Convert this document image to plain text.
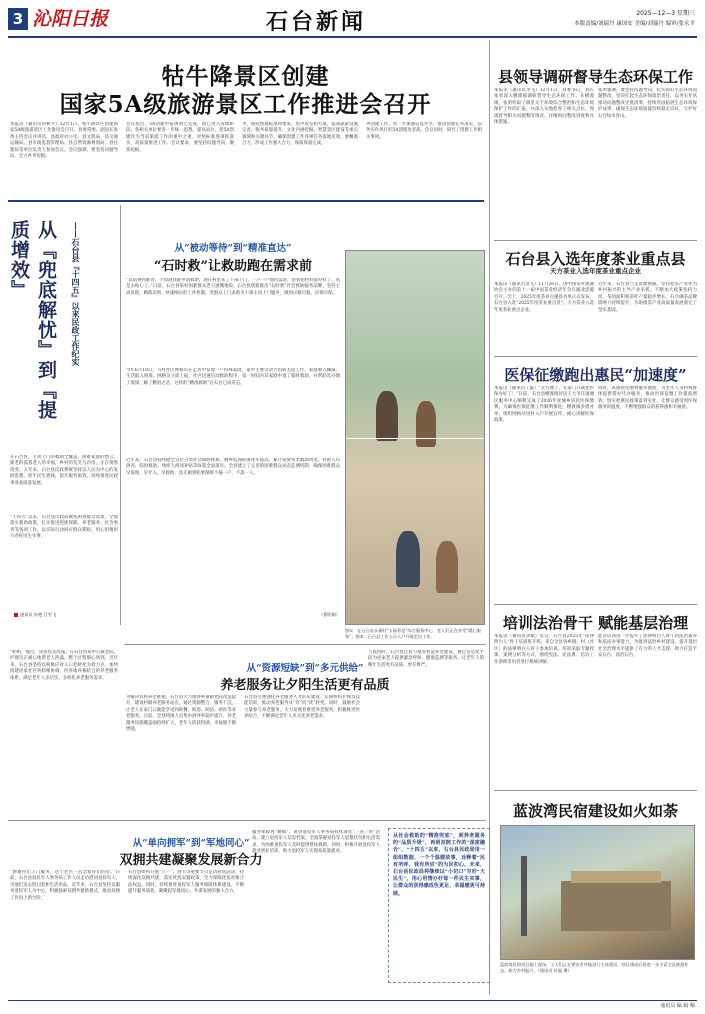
3 沁阳日报	石台新闻	2025—12—3 星期三
本版责编/刘瑞丹 康国安 美编/刘瑞丹 编审/张永平
牯牛降景区创建
国家5A级旅游景区工作推进会召开
本报讯（通讯员余秋平）12月1日，牯牛降景区创建国家5A级旅游景区工作推进会召开。县委常委、副县长张秀主持会议并讲话。县政府办公室、县文旅局、县交通运输局、县市场监督管理局、县自然资源规划局、县住建局等单位负责人参加会议。会议强调，要坚持问题导向，全力补齐短板。
会议指出，5A创建申报规划已完成，现已进入省级阶段。各相关单位要进一步统一思想、提高站位，把5A创建作为当前旅游工作的重中之重，对照标准逐项抓落实，高质量推进工作。会议要求，要坚持问题导向，聚焦短板。
务，围绕创建标准和要求，集中攻坚和力量，提质旅游设施完善，服务质量提升，文化内涵挖掘，智慧景区建设等重点领域和关键环节，确保创建工作各项任务落地见效，要精准合力，形成工作强大合力，保质保量完成。
务创建工作，进一步加强信息共享，推进创建任务落实，以务实作风打好5A创建攻坚战。会议同时，研究了创建工作相关事项。
从『兜底解忧』到『提质增效』	——石台县『十四五』以来民政工作纪实
在石台县，主动上门的救助全覆盖，困难家庭的愁云，渐老的孤寡老人的幸福，乡村的荒芜与冷清，正在悄然改变。五年来，石台县民政系统坚持以人民为中心的发展思想，兜牢民生底线，提升服务质效，持续推进民政事业高质量发展。
“十四五”以来，石台县民政局聚焦困难群众需求，全面落实救助政策，扎实推进兜底保障、养老服务、社会事务等各项工作，以实际行动回应群众期盼，用心用情用力办好民生实事。
通讯员 孙艳 江雪飞
从“被动等待”到“精准直达”
“石时救”让救助跑在需求前
“以前遇到难处，不知道找谁申请救助，现在村里来了干部上门，一户一户地问需求，帮我把材料都办好了，真是太贴心了。”日前，石台县某村困难群众老王感慨地说。石台县创新推出“石时救”社会救助服务品牌，坚持主动发现、精准识别、快速响应的工作机制，变群众上门求助为干部主动上门服务，做到应救尽救、应保尽保。
今年6月18日，马村社区网格员在走访中发现一户特殊家庭，家中主要劳动力因病无法工作，家庭收入骤减，生活陷入困境。网格员立即上报，社区迅速启动救助程序，第一时间为其家庭申请了临时救助，并帮助其办理了低保，解了燃眉之急。这样的“精准救助”在石台已成常态。
近年来，石台县持续健全分层分类社会救助体系，城乡低保标准逐年提高，累计发放各类救助资金，特困人员供养、临时救助、残疾人两项补贴等政策全面落实。全县建立了完善的困难群众动态监测机制，确保困难群众早发现、早介入、早救助，真正做到兜底保障不漏一户、不落一人。
（曹明娟）
图①：在石台县永福村“五福养老”综合服务中心，老人们正在享受“暖心服务”；图②：石台县工作人员入户开展走访工作。
从“资源短缺”到“多元供给”
养老服务让夕阳生活更有品质
“奶奶，慢点，我扶您去洗澡。”在石台县某中心敬老院，护理员正耐心地帮老人洗澡，整个过程细心周到。近年来，石台县坚持以积极应对人口老龄化为着力点，加快构建居家社区机构相协调、医养康养相结合的养老服务体系，满足老年人多层次、多样化养老服务需求。
为解决农村养老难题，石台县大力推进乡镇敬老院改造提升，建设村级养老服务站点，通过资源整合、服务下沉，让老人在家门口就能享受到助餐、助浴、助洁、助医等养老服务。目前，全县特困人员集中供养率稳步提升，养老服务设施覆盖面持续扩大，老年人的获得感、幸福感不断增强。
石台县注重强化养老服务人才队伍建设，定期组织护理员技能培训，推动养老服务从“有”向“优”转变。同时，鼓励社会力量参与养老服务，大力发展普惠型养老服务，积极推进医养结合，不断满足老年人多元化养老需求。
与此同时，石台县还着力推进智慧养老建设，通过信息化手段为居家老人提供紧急呼叫、健康监测等服务，让老年人的晚年生活更有品质、更有尊严。
从“单向拥军”到“军地同心”
双拥共建凝聚发展新合力
“感谢你们上门服务，这个老兵一直念着你们的好。”日前，石台县退役军人事务局工作人员走访慰问退役军人，为他们送去慰问金和生活用品。近年来，石台县坚持以服务退役军人为中心，积极探索双拥共建新模式，推动双拥工作再上新台阶。
石台县组织开展“八一”、春节等重要节日走访慰问活动，持续深化双拥共建，落实优抚安置政策，全力保障优抚对象合法权益。同时，持续推进退役军人服务保障体系建设，不断提升服务质效，凝聚起军地同心、共谋发展的强大合力。
服务保障再“精细”。该县退役军人事务局持续深化“三送一帮”活动，建立退役军人信息档案，全面掌握退役军人思想状况和生活需求，为困难退役军人及时提供帮扶救助。同时，积极开展退役军人就业创业培训，助力退役军人实现高质量就业。
从社会救助的“精准兜底”，到养老服务的“品质升级”，再到双拥工作的“深度融合”，“十四五”以来，石台县民政局用一组组数据、一个个温暖故事，诠释着“民有所呼、我有所应”的为民初心。未来，石台县民政局将继续以“小切口”写好“大民生”，用心用情办好每一件民生实事，让群众的获得感成色更足、幸福感更可持续。
县领导调研督导生态环保工作
本报讯（通讯员李飞）12月1日，县委书记、县长张勇深入横渡镇调研督导生态环保工作。在横渡镇，张勇听取了镇里关于环境综合整治和生态环境保护工作的汇报，并深入实地检查了相关点位，现场督导相关问题整改情况，详细询问整改进度和具体措施。
张勇强调，要坚持问题导向，扎实抓好生态环境问题整改，坚决扛起生态环保政治责任，以务实作风推动问题整改见底清零，持续巩固拓展生态环境保护成果，确保生态环境质量持续稳定向好，守护好石台绿水青山。
石台县入选年度茶业重点县
天方茶业入选年度茶业重点企业
本报讯（通讯员余飞）11月26日，由中国茶叶流通协会主办的第十一届中国茶业经济年会在湖北恩施召开。会上，2025年度茶业百强县名单正式发布，石台县入选“2025年度茶业重点县”，天方茶业入选年度茶业重点企业。
近年来，石台县立足资源禀赋，坚持把茶产业作为乡村振兴的主导产业来抓，不断加大政策扶持力度，茶园面积和茶叶产量稳步增长，石台硒茶品牌影响力持续提升，为助推茶产业高质量发展奠定了坚实基础。
医保征缴跑出惠民“加速度”
本报讯（通讯员丁鑫）“太方便了，在家门口就把医保办好了！”日前，石台县横渡镇居民王大爷在镇便民服务中心顺利完成了2026年度城乡居民医保缴费。为确保医保征缴工作顺利推进，横渡镇多措并举，组织网格员进村入户开展宣传，耐心讲解医保政策。
同时，该镇优化缴费服务流程，为老年人等特殊群体提供帮办代办服务，推动医保征缴工作提质增效，切实把惠民政策落到实处，让群众感受到医保服务的温度，不断增强群众的获得感和幸福感。
培训法治骨干 赋能基层治理
本报讯（通讯员余斌）近日，石台县2025年“法律明白人”骨干培训班开班，来自全县各乡镇、村（社区）的法律明白人骨干参加培训。培训采取专题授课、案例分析等方式，围绕宪法、民法典、信访工作条例等内容进行系统讲解。
此次培训进一步提升了法律明白人骨干的法治素养和依法办事能力，为推进法治乡村建设、提升基层社会治理水平提供了有力的人才支撑，助力打造平安石台、法治石台。
蓝波湾民宿建设如火如荼
蓝波湾民宿项目施工现场，工人们正在紧张有序地进行主体建设。项目建成后将进一步丰富全县旅游业态，助力乡村振兴。（通讯员 叶磊 摄）
通讯员 编 辑 稿
